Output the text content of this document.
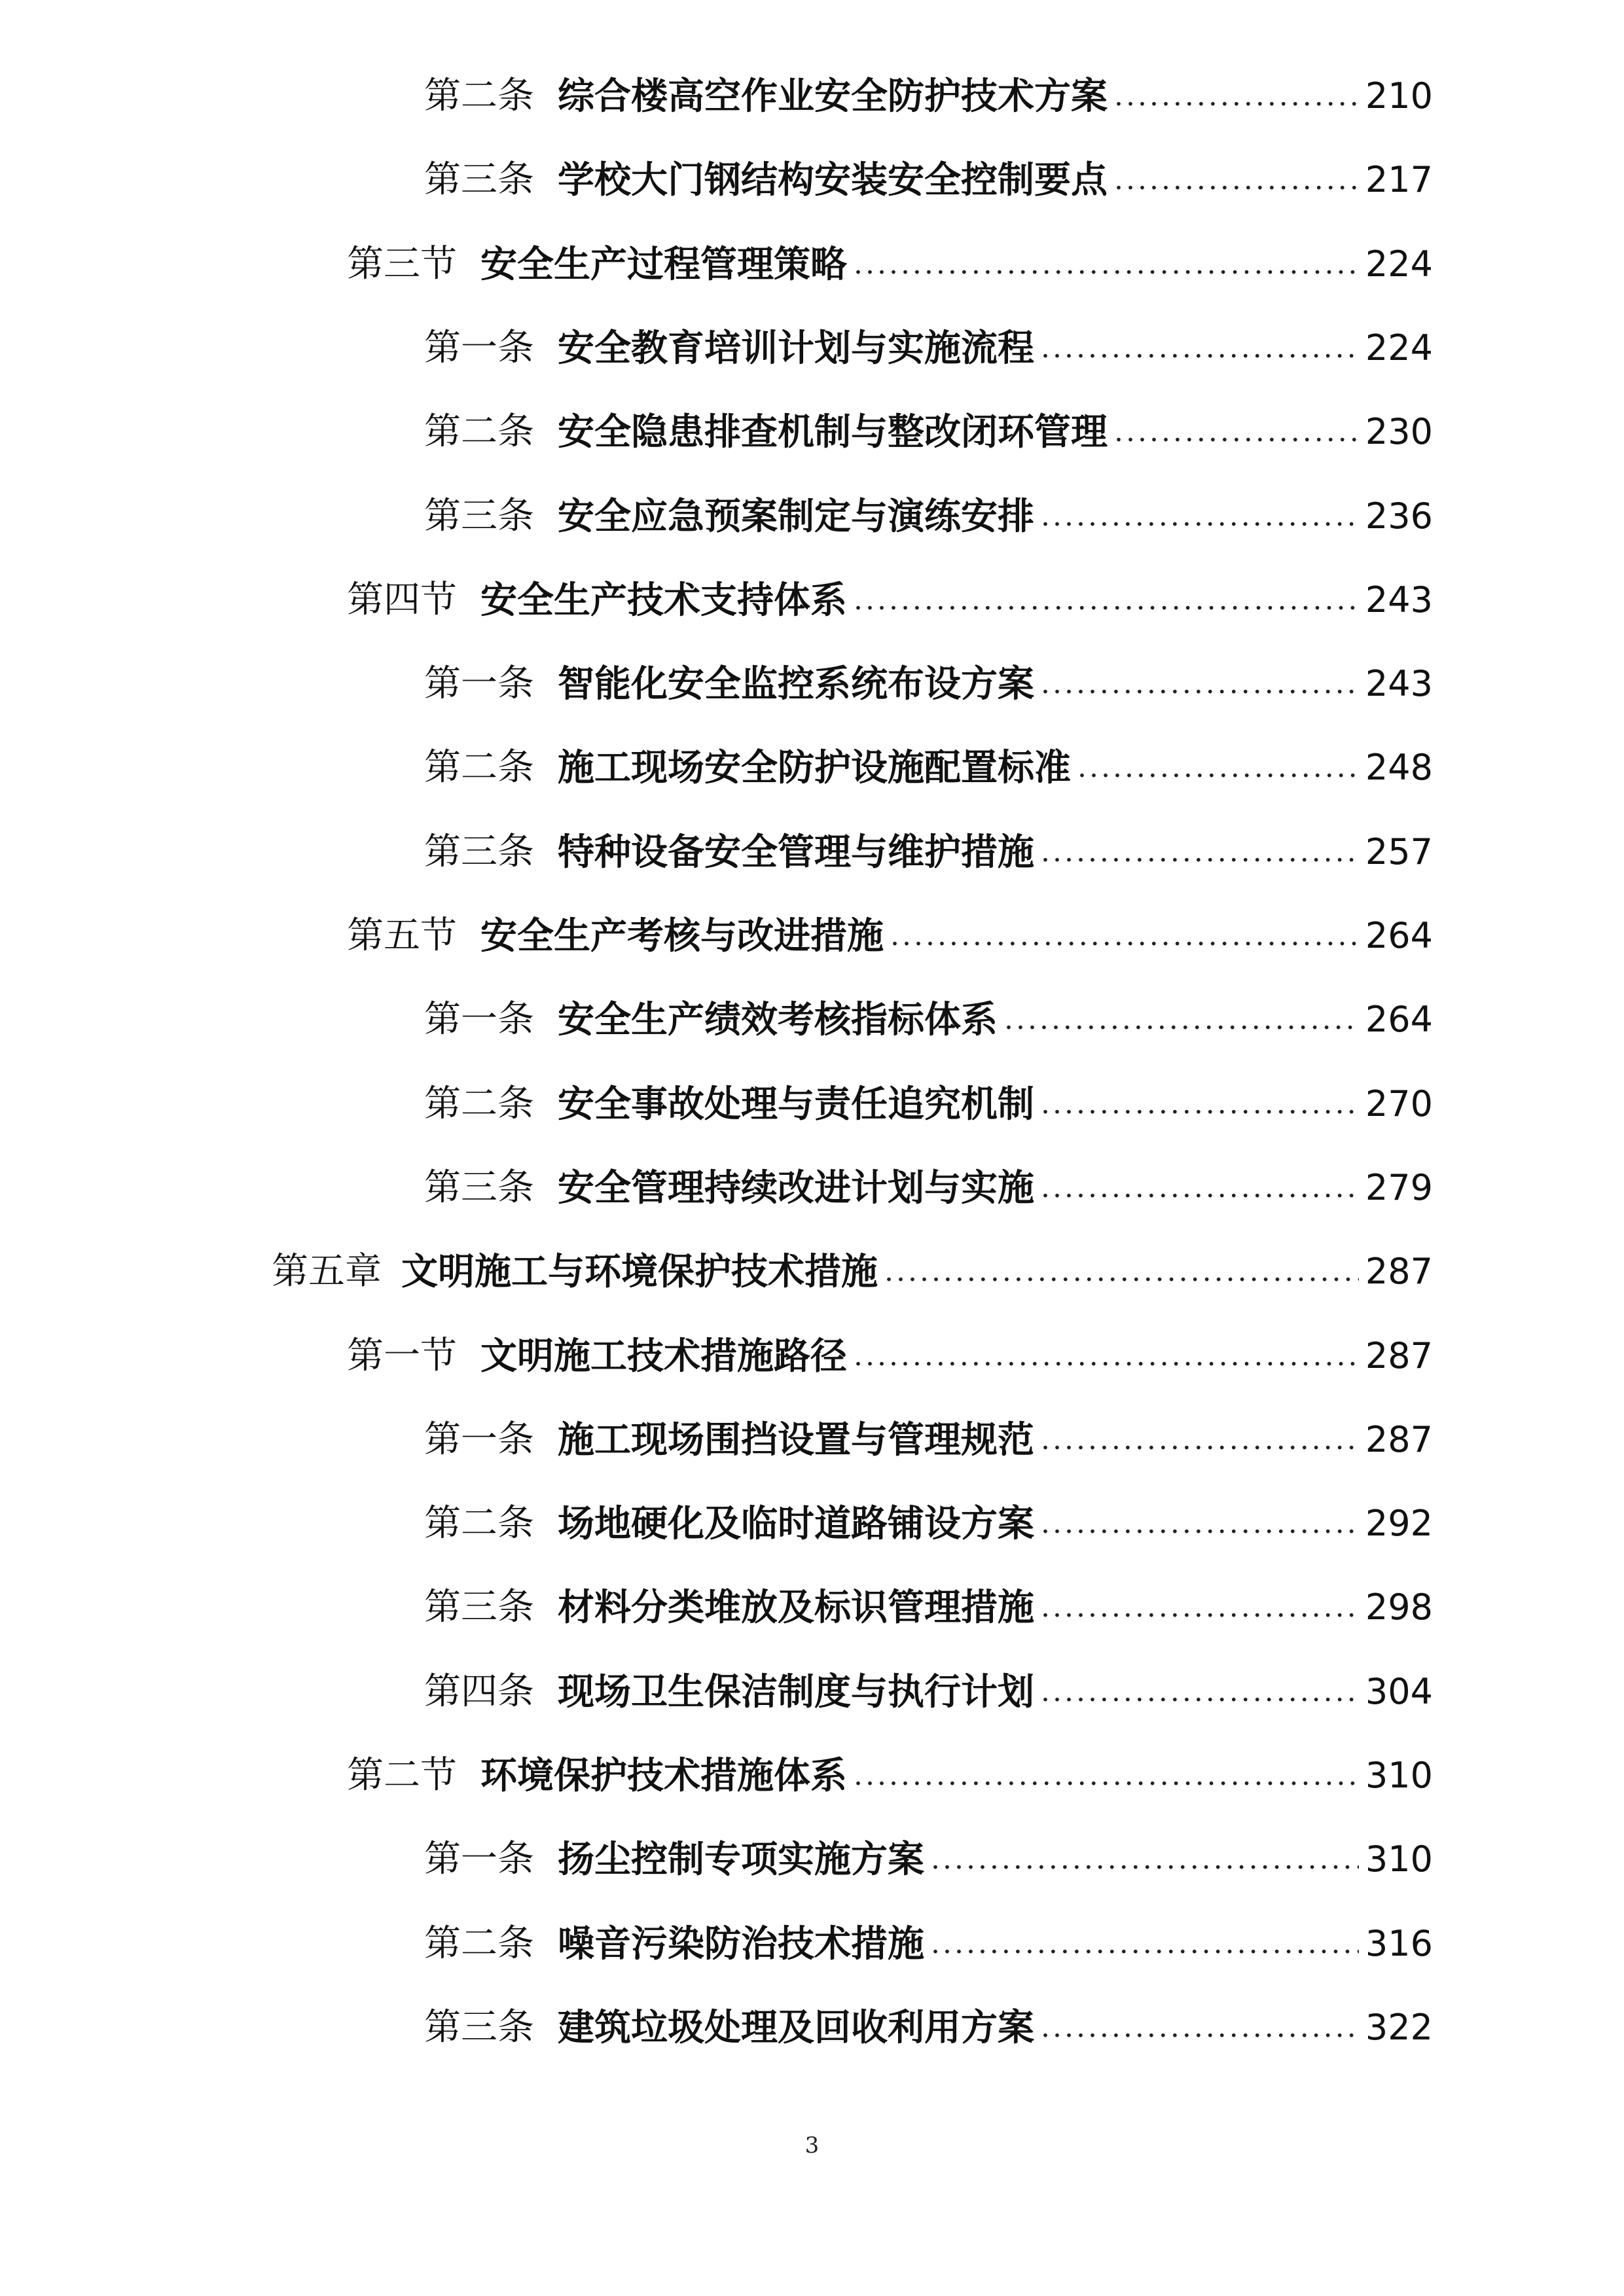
第二条 综合楼高空作业安全防护技术方案 .....	210
第三条 学校大门钢结构安装安全控制要点 .....	217
第三节 安全生产过程管理策略 .....	224
第一条 安全教育培训计划与实施流程 .....	224
第二条 安全隐患排查机制与整改闭环管理 .....	230
第三条 安全应急预案制定与演练安排 .....	236
第四节 安全生产技术支持体系 .....	243
第一条 智能化安全监控系统布设方案 .....	243
第二条 施工现场安全防护设施配置标准 .....	248
第三条 特种设备安全管理与维护措施 .....	257
第五节 安全生产考核与改进措施 .....	264
第一条 安全生产绩效考核指标体系 .....	264
第二条 安全事故处理与责任追究机制 .....	270
第三条 安全管理持续改进计划与实施 .....	279
第五章 文明施工与环境保护技术措施 .....	287
第一节 文明施工技术措施路径 .....	287
第一条 施工现场围挡设置与管理规范 .....	287
第二条 场地硬化及临时道路铺设方案 .....	292
第三条 材料分类堆放及标识管理措施 .....	298
第四条 现场卫生保洁制度与执行计划 .....	304
第二节 环境保护技术措施体系 .....	310
第一条 扬尘控制专项实施方案 .....	310
第二条 噪音污染防治技术措施 .....	316
第三条 建筑垃圾处理及回收利用方案 .....	322
3
